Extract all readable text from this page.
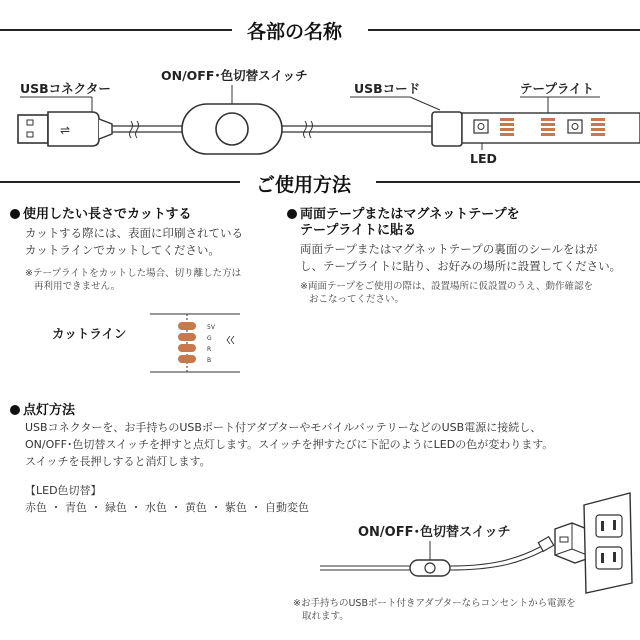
各部の名称
USBコネクター
ON/OFF･色切替スイッチ
USBコード	テープライト
LED
⇌
ご使用方法
使用したい長さでカットする
カットする際には、表面に印刷されている
カットラインでカットしてください。
※テープライトをカットした場合、切り離した方は
再利用できません。
カットライン	5V
G
R
B
両面テープまたはマグネットテープを
テープライトに貼る
両面テープまたはマグネットテープの裏面のシールをはが
し、テープライトに貼り、お好みの場所に設置してください。
※両面テープをご使用の際は、設置場所に仮設置のうえ、動作確認を
おこなってください。
点灯方法
USBコネクターを、お手持ちのUSBポート付アダプターやモバイルバッテリーなどのUSB電源に接続し、
ON/OFF･色切替スイッチを押すと点灯します。スイッチを押すたびに下記のようにLEDの色が変わります。
スイッチを長押しすると消灯します。
【LED色切替】
赤色 ・ 青色 ・ 緑色 ・ 水色 ・ 黄色 ・ 紫色 ・ 自動変色
ON/OFF･色切替スイッチ
※お手持ちのUSBポート付きアダプターならコンセントから電源を
取れます。
